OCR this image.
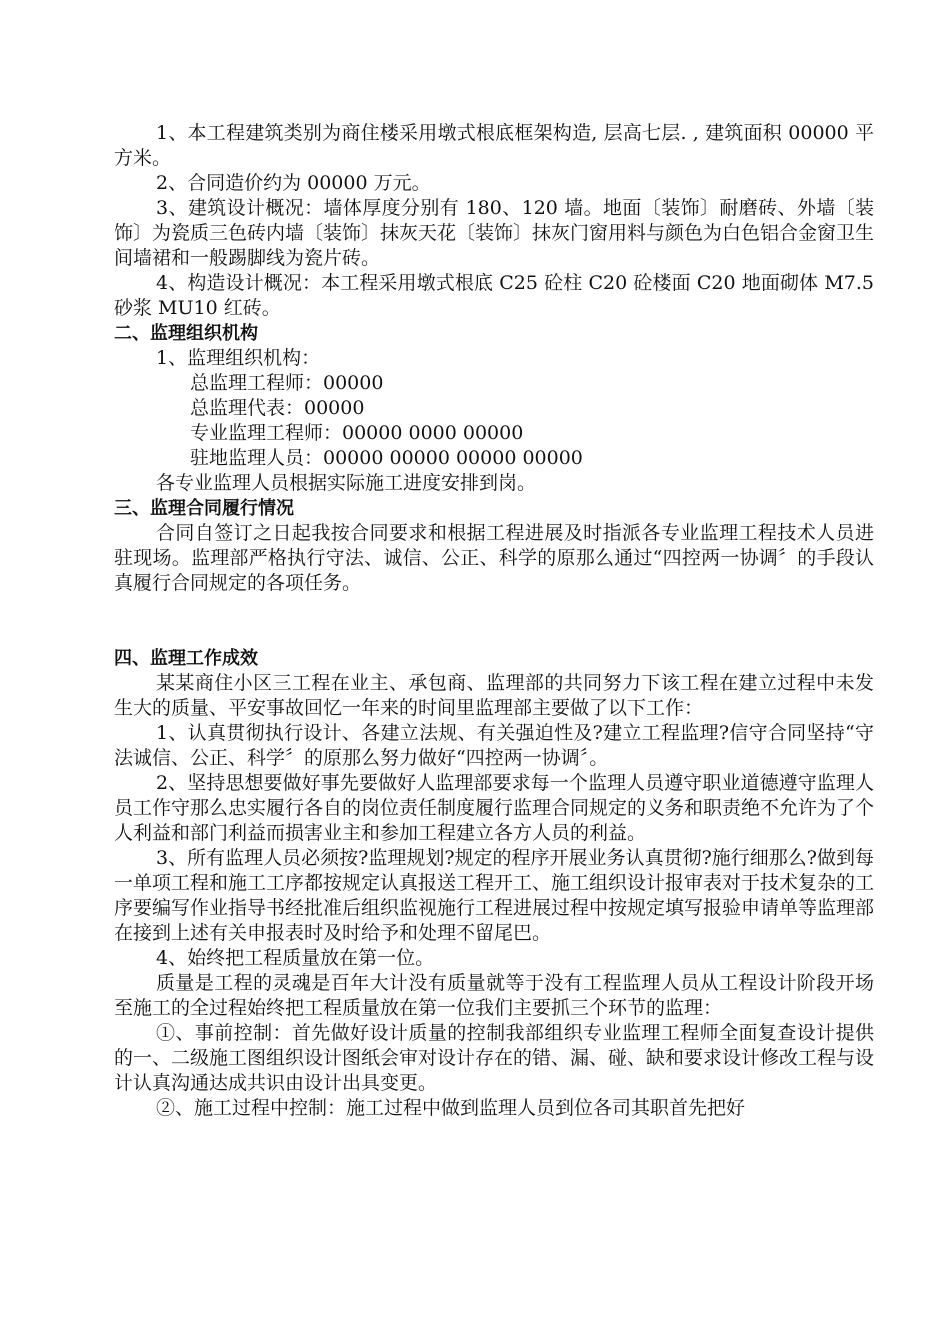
1、本工程建筑类别为商住楼采用墩式根底框架构造, 层高七层. , 建筑面积 00000 平方米。

2、合同造价约为 00000 万元。

3、建筑设计概况：墙体厚度分别有 180、120 墙。地面〔装饰〕耐磨砖、外墙〔装饰〕为瓷质三色砖内墙〔装饰〕抹灰天花〔装饰〕抹灰门窗用料与颜色为白色铝合金窗卫生间墙裙和一般踢脚线为瓷片砖。

4、构造设计概况：本工程采用墩式根底 C25 砼柱 C20 砼楼面 C20 地面砌体 M7.5 砂浆 MU10 红砖。

二、监理组织机构

1、监理组织机构：

总监理工程师：00000

总监理代表：00000

专业监理工程师：00000 0000 00000

驻地监理人员：00000 00000 00000 00000

各专业监理人员根据实际施工进度安排到岗。

三、监理合同履行情况

合同自签订之日起我按合同要求和根据工程进展及时指派各专业监理工程技术人员进驻现场。监理部严格执行守法、诚信、公正、科学的原那么通过“四控两一协调〞的手段认真履行合同规定的各项任务。

四、监理工作成效

某某商住小区三工程在业主、承包商、监理部的共同努力下该工程在建立过程中未发生大的质量、平安事故回忆一年来的时间里监理部主要做了以下工作：

1、认真贯彻执行设计、各建立法规、有关强迫性及?建立工程监理?信守合同坚持“守法诚信、公正、科学〞的原那么努力做好“四控两一协调〞。

2、坚持思想要做好事先要做好人监理部要求每一个监理人员遵守职业道德遵守监理人员工作守那么忠实履行各自的岗位责任制度履行监理合同规定的义务和职责绝不允许为了个人利益和部门利益而损害业主和参加工程建立各方人员的利益。

3、所有监理人员必须按?监理规划?规定的程序开展业务认真贯彻?施行细那么?做到每一单项工程和施工工序都按规定认真报送工程开工、施工组织设计报审表对于技术复杂的工序要编写作业指导书经批准后组织监视施行工程进展过程中按规定填写报验申请单等监理部在接到上述有关申报表时及时给予和处理不留尾巴。

4、始终把工程质量放在第一位。

质量是工程的灵魂是百年大计没有质量就等于没有工程监理人员从工程设计阶段开场至施工的全过程始终把工程质量放在第一位我们主要抓三个环节的监理：

①、事前控制：首先做好设计质量的控制我部组织专业监理工程师全面复查设计提供的一、二级施工图组织设计图纸会审对设计存在的错、漏、碰、缺和要求设计修改工程与设计认真沟通达成共识由设计出具变更。

②、施工过程中控制：施工过程中做到监理人员到位各司其职首先把好
